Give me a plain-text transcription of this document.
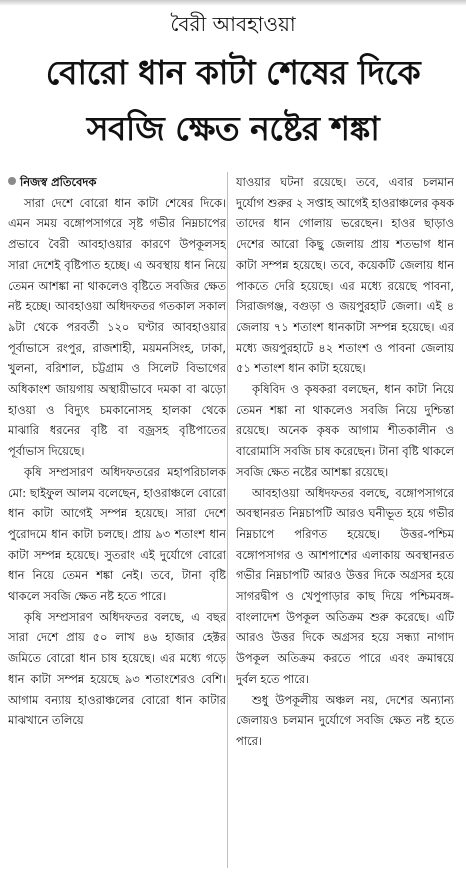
বৈরী আবহাওয়া
বোরো ধান কাটা শেষের দিকে
সবজি ক্ষেত নষ্টের শঙ্কা

নিজস্ব প্রতিবেদক

সারা দেশে বোরো ধান কাটা শেষের দিকে। এমন সময় বঙ্গোপসাগরে সৃষ্ট গভীর নিম্নচাপের প্রভাবে বৈরী আবহাওয়ার কারণে উপকূলসহ সারা দেশেই বৃষ্টিপাত হচ্ছে। এ অবস্থায় ধান নিয়ে তেমন আশঙ্কা না থাকলেও বৃষ্টিতে সবজির ক্ষেত নষ্ট হচ্ছে। আবহাওয়া অধিদফতর গতকাল সকাল ৯টা থেকে পরবর্তী ১২০ ঘণ্টার আবহাওয়ার পূর্বাভাসে রংপুর, রাজশাহী, ময়মনসিংহ, ঢাকা, খুলনা, বরিশাল, চট্টগ্রাম ও সিলেট বিভাগের অধিকাংশ জায়গায় অস্থায়ীভাবে দমকা বা ঝড়ো হাওয়া ও বিদ্যুৎ চমকানোসহ হালকা থেকে মাঝারি ধরনের বৃষ্টি বা বজ্রসহ বৃষ্টিপাতের পূর্বাভাস দিয়েছে।

কৃষি সম্প্রসারণ অধিদফতরের মহাপরিচালক মো: ছাইফুল আলম বলেছেন, হাওরাঞ্চলে বোরো ধান কাটা আগেই সম্পন্ন হয়েছে। সারা দেশে পুরোদমে ধান কাটা চলছে। প্রায় ৯৩ শতাংশ ধান কাটা সম্পন্ন হয়েছে। সুতরাং এই দুর্যোগে বোরো ধান নিয়ে তেমন শঙ্কা নেই। তবে, টানা বৃষ্টি থাকলে সবজি ক্ষেত নষ্ট হতে পারে।

কৃষি সম্প্রসারণ অধিদফতর বলছে, এ বছর সারা দেশে প্রায় ৫০ লাখ ৪৬ হাজার হেক্টর জমিতে বোরো ধান চাষ হয়েছে। এর মধ্যে গড়ে ধান কাটা সম্পন্ন হয়েছে ৯৩ শতাংশেরও বেশি। আগাম বন্যায় হাওরাঞ্চলের বোরো ধান কাটার মাঝখানে তলিয়ে

যাওয়ার ঘটনা রয়েছে। তবে, এবার চলমান দুর্যোগ শুরুর ২ সপ্তাহ আগেই হাওরাঞ্চলের কৃষক তাদের ধান গোলায় ভরেছেন। হাওর ছাড়াও দেশের আরো কিছু জেলায় প্রায় শতভাগ ধান কাটা সম্পন্ন হয়েছে। তবে, কয়েকটি জেলায় ধান পাকতে দেরি হয়েছে। এর মধ্যে রয়েছে পাবনা, সিরাজগঞ্জ, বগুড়া ও জয়পুরহাট জেলা। এই ৪ জেলায় ৭১ শতাংশ ধানকাটা সম্পন্ন হয়েছে। এর মধ্যে জয়পুরহাটে ৪২ শতাংশ ও পাবনা জেলায় ৫১ শতাংশ ধান কাটা হয়েছে।

কৃষিবিদ ও কৃষকরা বলছেন, ধান কাটা নিয়ে তেমন শঙ্কা না থাকলেও সবজি নিয়ে দুশ্চিন্তা রয়েছে। অনেক কৃষক আগাম শীতকালীন ও বারোমাসি সবজি চাষ করেছেন। টানা বৃষ্টি থাকলে সবজি ক্ষেত নষ্টের আশঙ্কা রয়েছে।

আবহাওয়া অধিদফতর বলছে, বঙ্গোপসাগরে অবস্থানরত নিম্নচাপটি আরও ঘনীভূত হয়ে গভীর নিম্নচাপে পরিণত হয়েছে। উত্তর-পশ্চিম বঙ্গোপসাগর ও আশপাশের এলাকায় অবস্থানরত গভীর নিম্নচাপটি আরও উত্তর দিকে অগ্রসর হয়ে সাগরদ্বীপ ও খেপুপাড়ার কাছ দিয়ে পশ্চিমবঙ্গ-বাংলাদেশ উপকূল অতিক্রম শুরু করেছে। এটি আরও উত্তর দিকে অগ্রসর হয়ে সন্ধ্যা নাগাদ উপকূল অতিক্রম করতে পারে এবং ক্রমান্বয়ে দুর্বল হতে পারে।

শুধু উপকূলীয় অঞ্চল নয়, দেশের অন্যান্য জেলায়ও চলমান দুর্যোগে সবজি ক্ষেত নষ্ট হতে পারে।
